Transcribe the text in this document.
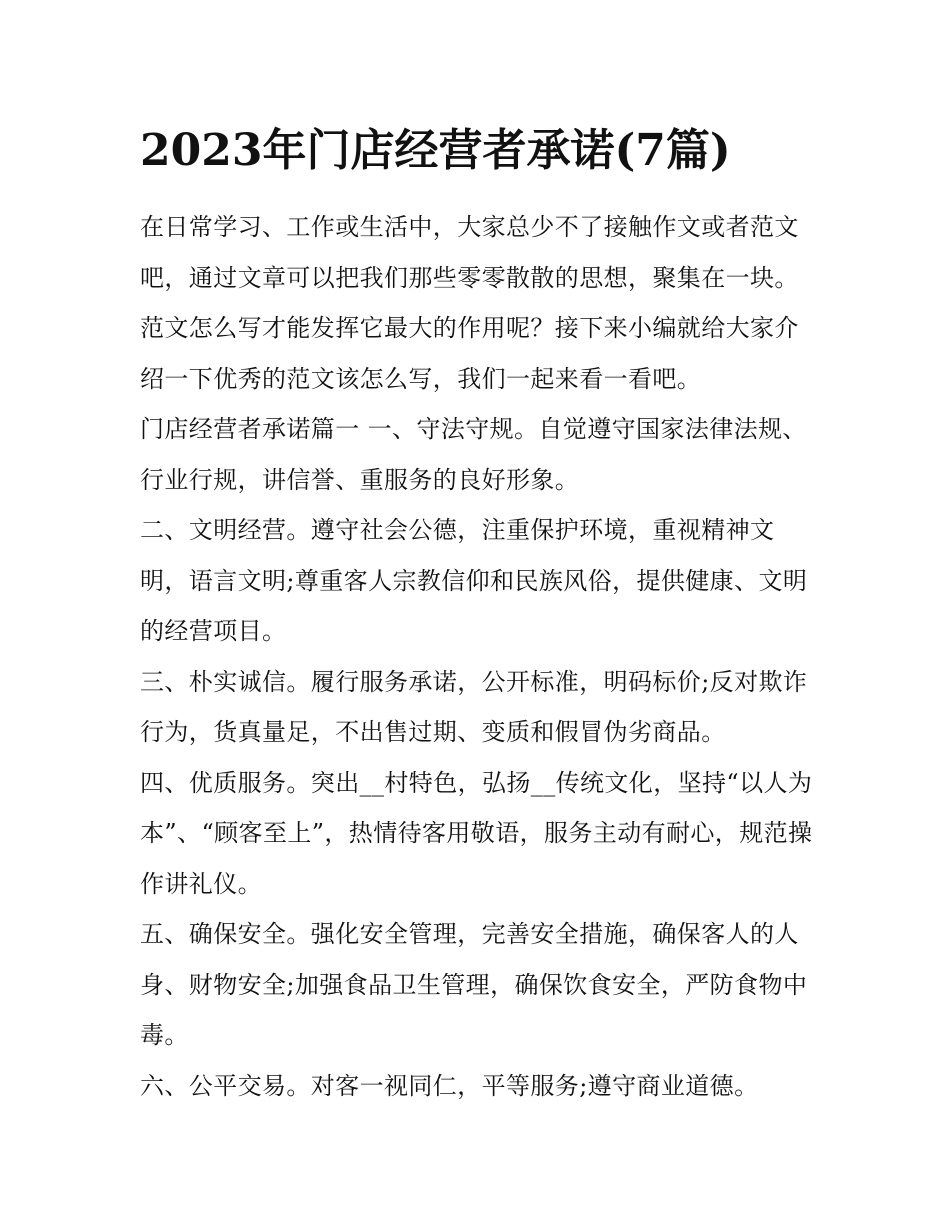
2023年门店经营者承诺(7篇)

在日常学习、工作或生活中，大家总少不了接触作文或者范文吧，通过文章可以把我们那些零零散散的思想，聚集在一块。范文怎么写才能发挥它最大的作用呢？接下来小编就给大家介绍一下优秀的范文该怎么写，我们一起来看一看吧。

门店经营者承诺篇一 一、守法守规。自觉遵守国家法律法规、行业行规，讲信誉、重服务的良好形象。

二、文明经营。遵守社会公德，注重保护环境，重视精神文明，语言文明;尊重客人宗教信仰和民族风俗，提供健康、文明的经营项目。

三、朴实诚信。履行服务承诺，公开标准，明码标价;反对欺诈行为，货真量足，不出售过期、变质和假冒伪劣商品。

四、优质服务。突出__村特色，弘扬__传统文化，坚持“以人为本”、“顾客至上”，热情待客用敬语，服务主动有耐心，规范操作讲礼仪。

五、确保安全。强化安全管理，完善安全措施，确保客人的人身、财物安全;加强食品卫生管理，确保饮食安全，严防食物中毒。

六、公平交易。对客一视同仁，平等服务;遵守商业道德。
